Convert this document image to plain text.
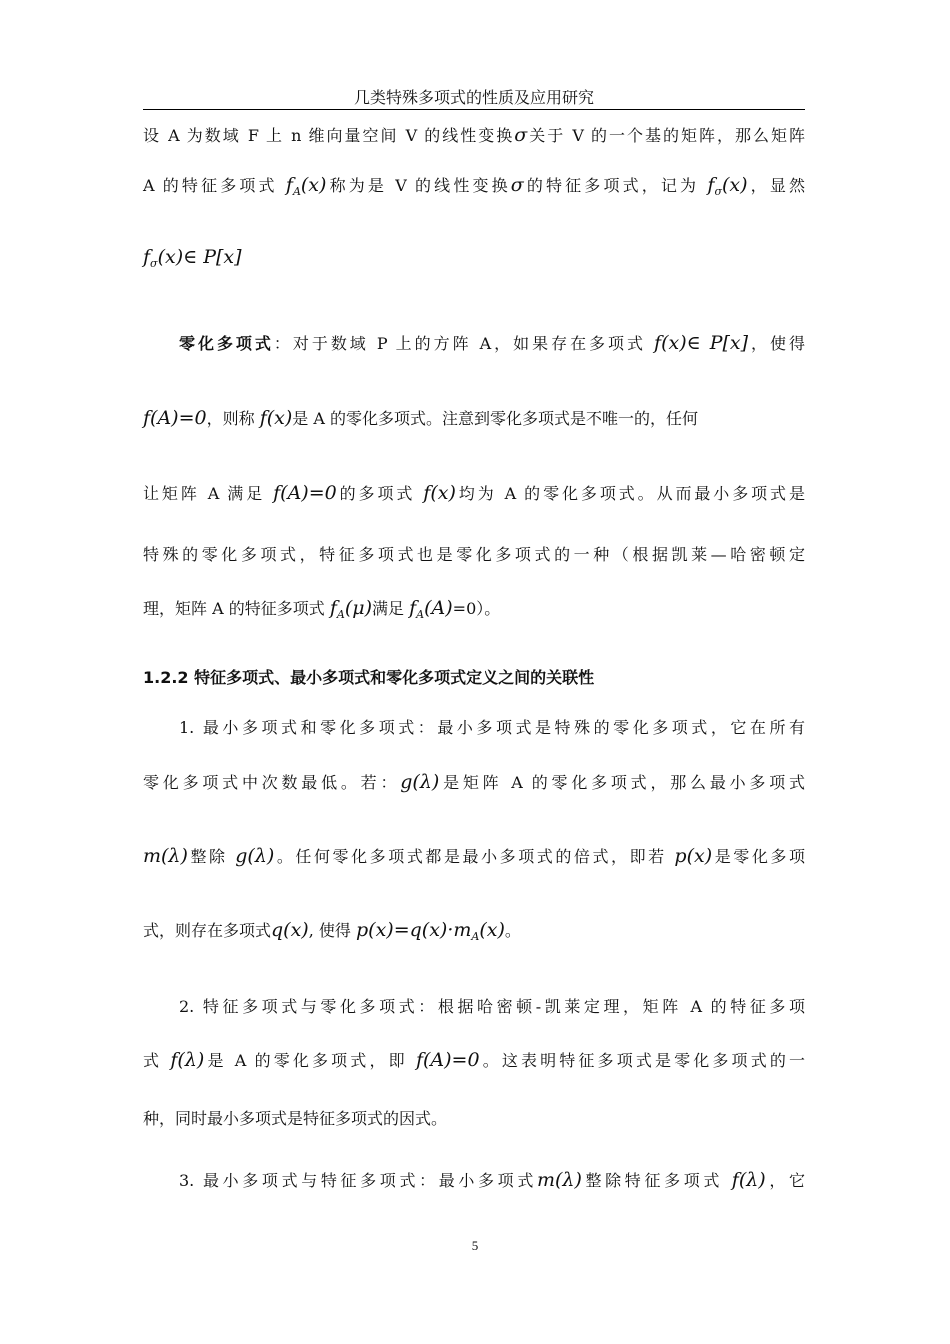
几类特殊多项式的性质及应用研究
设 A 为数域 F 上 n 维向量空间 V 的线性变换σ关于 V 的一个基的矩阵，那么矩阵
A 的特征多项式 $f_A(x)$称为是 V 的线性变换σ的特征多项式，记为 $f_\sigma(x)$，显然
$f_\sigma(x)\in$ P[x]
零化多项式：对于数域 P 上的方阵 A，如果存在多项式 f(x)∈ P[x]，使得
f(A)=0，则称 f(x)是 A 的零化多项式。注意到零化多项式是不唯一的，任何
让矩阵 A 满足 f(A)=0的多项式 f(x)均为 A 的零化多项式。从而最小多项式是
特殊的零化多项式，特征多项式也是零化多项式的一种（根据凯莱—哈密顿定
理，矩阵 A 的特征多项式 $f_A(\mu)$满足 $f_A(A)=0$）。
1.2.2 特征多项式、最小多项式和零化多项式定义之间的关联性
1. 最小多项式和零化多项式：最小多项式是特殊的零化多项式，它在所有
零化多项式中次数最低。若：g(λ)是矩阵 A 的零化多项式，那么最小多项式
m(λ)整除 g(λ)。任何零化多项式都是最小多项式的倍式，即若 p(x)是零化多项
式，则存在多项式q(x), 使得 $p(x)=q(x)\cdot m_A(x)$。
2. 特征多项式与零化多项式：根据哈密顿-凯莱定理，矩阵 A 的特征多项
式 f(λ)是 A 的零化多项式，即 f(A)=0。这表明特征多项式是零化多项式的一
种，同时最小多项式是特征多项式的因式。
3. 最小多项式与特征多项式：最小多项式m(λ)整除特征多项式 f(λ)，它
5
